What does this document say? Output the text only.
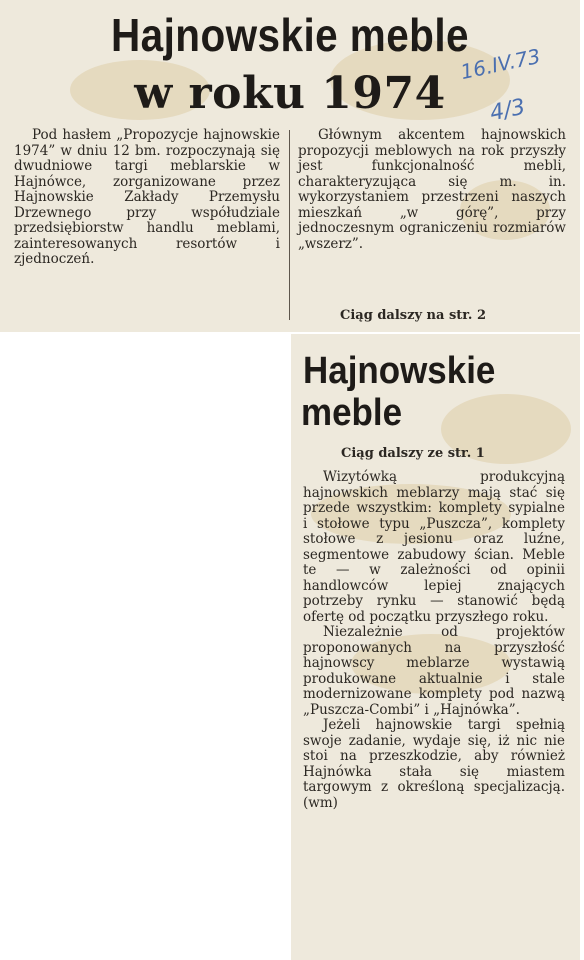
Hajnowskie meble
w roku 1974
16.IV.73
4/3
Pod hasłem „Propozycje hajnowskie 1974” w dniu 12 bm. rozpoczynają się dwudniowe targi meblarskie w Hajnówce, zorganizowane przez Hajnowskie Zakłady Przemysłu Drzewnego przy współudziale przedsiębiorstw handlu meblami, zainteresowanych resortów i zjednoczeń.
Głównym akcentem hajnowskich propozycji meblowych na rok przyszły jest funkcjonalność mebli, charakteryzująca się m. in. wykorzystaniem przestrzeni naszych mieszkań „w górę”, przy jednoczesnym ograniczeniu rozmiarów „wszerz”.
Ciąg dalszy na str. 2
Hajnowskie
meble
Ciąg dalszy ze str. 1

Wizytówką produkcyjną hajnowskich meblarzy mają stać się przede wszystkim: komplety sypialne i stołowe typu „Puszcza”, komplety stołowe z jesionu oraz luźne, segmentowe zabudowy ścian. Meble te — w zależności od opinii handlowców lepiej znających potrzeby rynku — stanowić będą ofertę od początku przyszłego roku.

Niezależnie od projektów proponowanych na przyszłość hajnowscy meblarze wystawią produkowane aktualnie i stale modernizowane komplety pod nazwą „Puszcza-Combi” i „Hajnówka”.

Jeżeli hajnowskie targi spełnią swoje zadanie, wydaje się, iż nic nie stoi na przeszkodzie, aby również Hajnówka stała się miastem targowym z określoną specjalizacją. (wm)
